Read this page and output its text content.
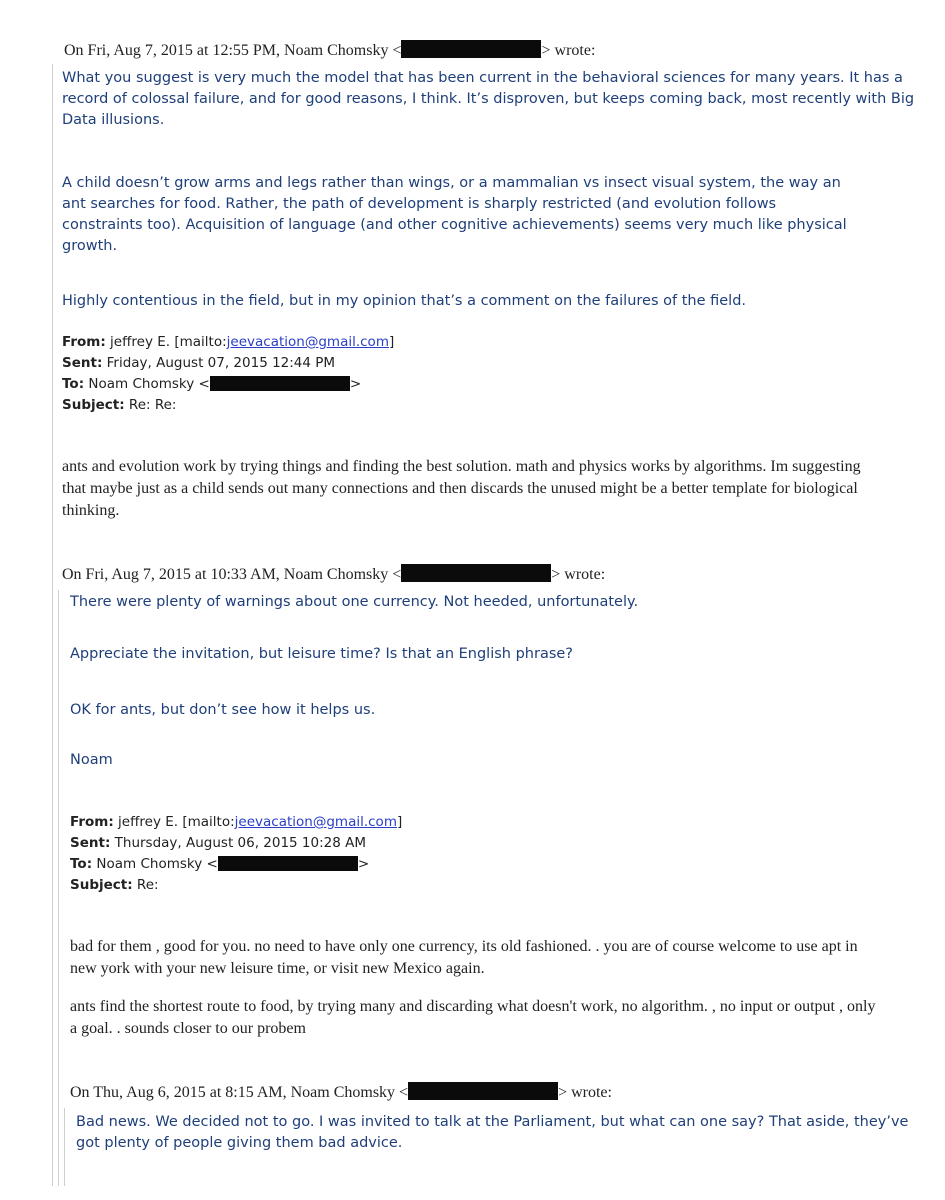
On Fri, Aug 7, 2015 at 12:55 PM, Noam Chomsky <	> wrote:

What you suggest is very much the model that has been current in the behavioral sciences for many years. It has a record of colossal failure, and for good reasons, I think. It’s disproven, but keeps coming back, most recently with Big Data illusions.

A child doesn’t grow arms and legs rather than wings, or a mammalian vs insect visual system, the way an ant searches for food. Rather, the path of development is sharply restricted (and evolution follows constraints too). Acquisition of language (and other cognitive achievements) seems very much like physical growth.

Highly contentious in the field, but in my opinion that’s a comment on the failures of the field.

From: jeffrey E. [mailto:jeevacation@gmail.com]
Sent: Friday, August 07, 2015 12:44 PM
To: Noam Chomsky <	>
Subject: Re: Re:

ants and evolution work by trying things and finding the best solution. math and physics works by algorithms. Im suggesting that maybe just as a child sends out many connections and then discards the unused might be a better template for biological thinking.

On Fri, Aug 7, 2015 at 10:33 AM, Noam Chomsky <	> wrote:

There were plenty of warnings about one currency. Not heeded, unfortunately.

Appreciate the invitation, but leisure time? Is that an English phrase?

OK for ants, but don’t see how it helps us.

Noam

From: jeffrey E. [mailto:jeevacation@gmail.com]
Sent: Thursday, August 06, 2015 10:28 AM
To: Noam Chomsky <	>
Subject: Re:

bad for them , good for you. no need to have only one currency, its old fashioned. . you are of course welcome to use apt in new york with your new leisure time, or visit new Mexico again.

ants find the shortest route to food, by trying many and discarding what doesn't work, no algorithm. , no input or output , only a goal. . sounds closer to our probem

On Thu, Aug 6, 2015 at 8:15 AM, Noam Chomsky <	> wrote:

Bad news. We decided not to go. I was invited to talk at the Parliament, but what can one say? That aside, they’ve got plenty of people giving them bad advice.
